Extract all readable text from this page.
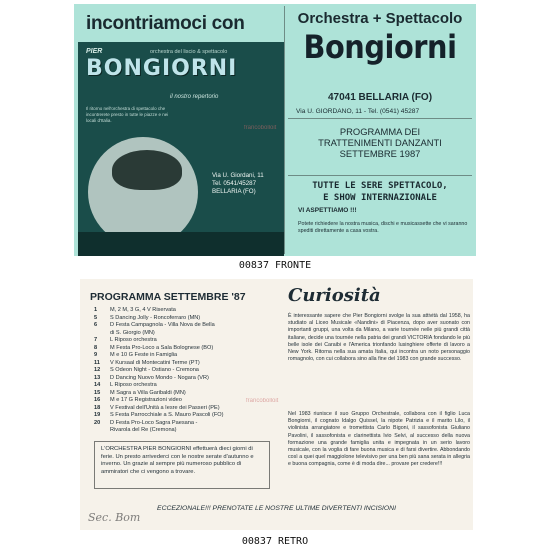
incontriamoci con
PIER	orchestra del liscio & spettacolo
BONGIORNI
il nostro repertorio
Il ritorno nell'orchestra di spettacolo che incontrerete presto in tutte le piazze e nei locali d'Italia.
Via U. Giordani, 11
Tel. 0541/45287
BELLARIA (FO)
Orchestra + Spettacolo
Bongiorni
47041 BELLARIA (FO)
Via U. GIORDANO, 11 - Tel. (0541) 45287
PROGRAMMA DEI
TRATTENIMENTI DANZANTI
SETTEMBRE 1987
TUTTE LE SERE SPETTACOLO,
E SHOW INTERNAZIONALE
VI ASPETTIAMO !!!
Potete richiedere la nostra musica, dischi e musicassette che vi saranno spediti direttamente a casa vostra.
francobolloit
00837 FRONTE
PROGRAMMA SETTEMBRE '87
1	M, 2 M, 3 G, 4 V Riservata
5	S Dancing Jolly - Roncoferraro (MN)
6	D Festa Campagnola - Villa Nova de Bella
di S. Giorgio (MN)
7	L Riposo orchestra
8	M Festa Pro-Loco a Sala Bolognese (BO)
9	M e 10 G Feste in Famiglia
11	V Kursaal di Montecatini Terme (PT)
12	S Odeon Night - Ostiano - Cremona
13	D Dancing Nuovo Mondo - Nogara (VR)
14	L Riposo orchestra
15	M Sagra a Villa Garibaldi (MN)
16	M e 17 G Registrazioni video
18	V Festival dell'Unità a Iesre dei Passeri (PE)
19	S Festa Parrocchiale a S. Mauro Pascoli (FO)
20	D Festa Pro-Loco Sagra Paesana -
Rivarola del Re (Cremona)
L'ORCHESTRA PIER BONGIORNI effettuerà dieci giorni di ferie. Un presto arrivederci con le nostre serate d'autunno e inverno. Un grazie al sempre più numeroso pubblico di ammiratori che ci vengono a trovare.
Curiosità
È interessante sapere che Pier Bongiorni svolge la sua attività dal 1958, ha studiato al Liceo Musicale «Nandini» di Piacenza, dopo aver suonato con importanti gruppi, una volta da Milano, a varie tournée nelle più grandi città italiane, decide una tournée nella patria dei grandi VICTORIA fondando le più belle isole dei Caraibi e l'America trionfando lusinghiere offerte di lavoro a New York. Ritorna nella sua amata Italia, qui incontra un noto personaggio romagnolo, con cui collabora sino alla fine del 1983 con grande successo.
Nel 1983 riunisce il suo Gruppo Orchestrale, collabora con il figlio Luca Bongiorni, il cognato Idalgo Quissel, la nipote Patrizia e il marito Lilo, il violinista arrangiatore e tromettista Carlo Bigoni, il sassofonista Giuliano Pavolini, il sassofonista e clarinettista Ivio Selvi, al successo della nuova formazione una grande famiglia unita e impegnata in un serio lavoro musicale, con la voglia di fare buona musica e di farsi divertire. Abbondando così a quei quel maggiolone televisivo per una ben più sana serata in allegria e buona compagnia, come è di moda dire... provare per credere!!!
ECCEZIONALE!!! PRENOTATE LE NOSTRE ULTIME DIVERTENTI INCISIONI
Sec. Bom
francobolloit
00837 RETRO
